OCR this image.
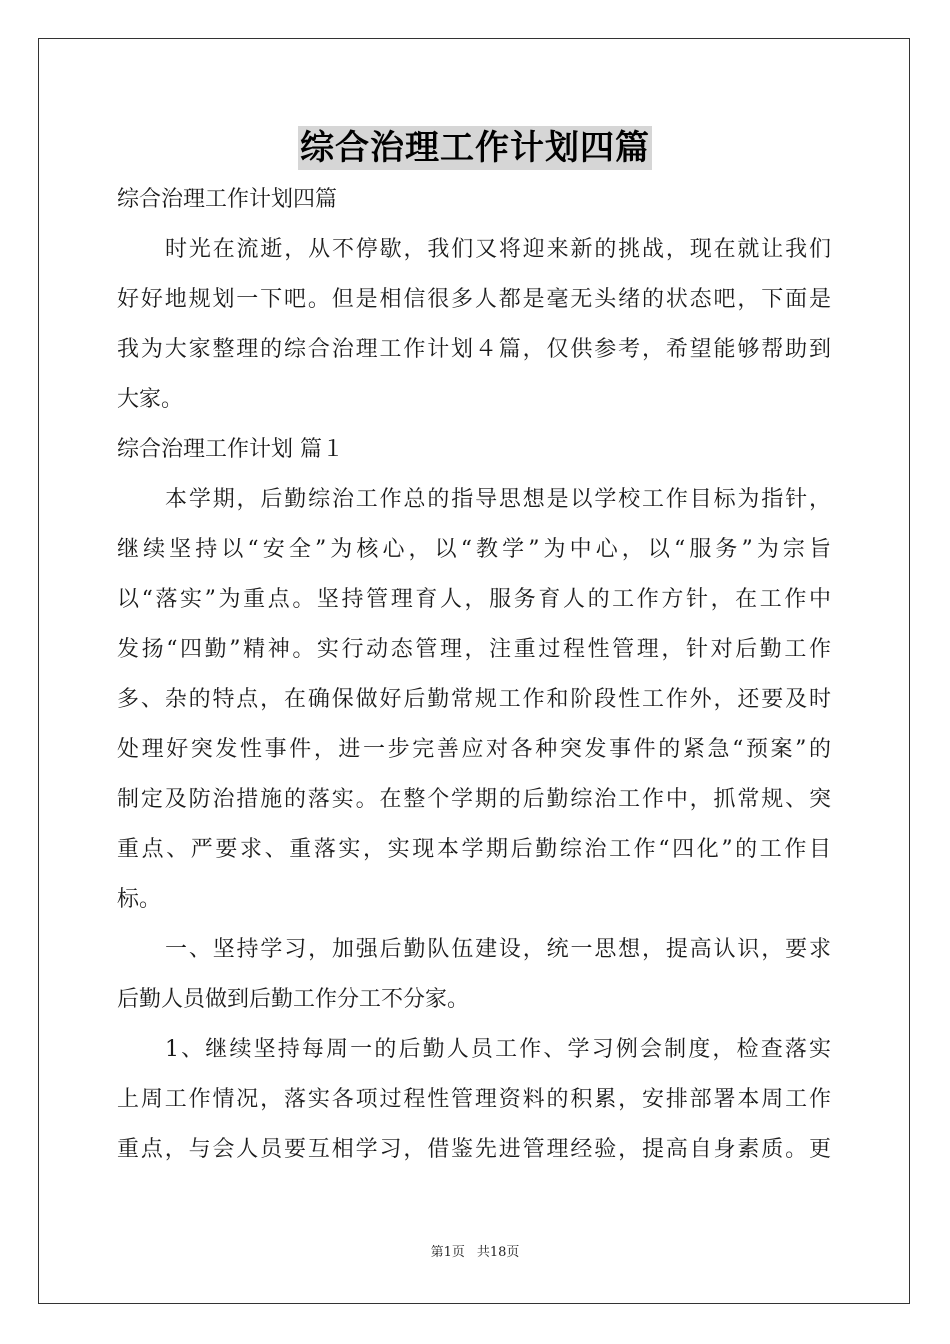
综合治理工作计划四篇
综合治理工作计划四篇
时光在流逝，从不停歇，我们又将迎来新的挑战，现在就让我们
好好地规划一下吧。但是相信很多人都是毫无头绪的状态吧，下面是
我为大家整理的综合治理工作计划４篇，仅供参考，希望能够帮助到
大家。
综合治理工作计划 篇１
本学期，后勤综治工作总的指导思想是以学校工作目标为指针，
继续坚持以“安全”为核心，以“教学”为中心，以“服务”为宗旨
以“落实”为重点。坚持管理育人，服务育人的工作方针，在工作中
发扬“四勤”精神。实行动态管理，注重过程性管理，针对后勤工作
多、杂的特点，在确保做好后勤常规工作和阶段性工作外，还要及时
处理好突发性事件，进一步完善应对各种突发事件的紧急“预案”的
制定及防治措施的落实。在整个学期的后勤综治工作中，抓常规、突
重点、严要求、重落实，实现本学期后勤综治工作“四化”的工作目
标。
一、坚持学习，加强后勤队伍建设，统一思想，提高认识，要求
后勤人员做到后勤工作分工不分家。
1、继续坚持每周一的后勤人员工作、学习例会制度，检查落实
上周工作情况，落实各项过程性管理资料的积累，安排部署本周工作
重点，与会人员要互相学习，借鉴先进管理经验，提高自身素质。更
第1页 共18页
